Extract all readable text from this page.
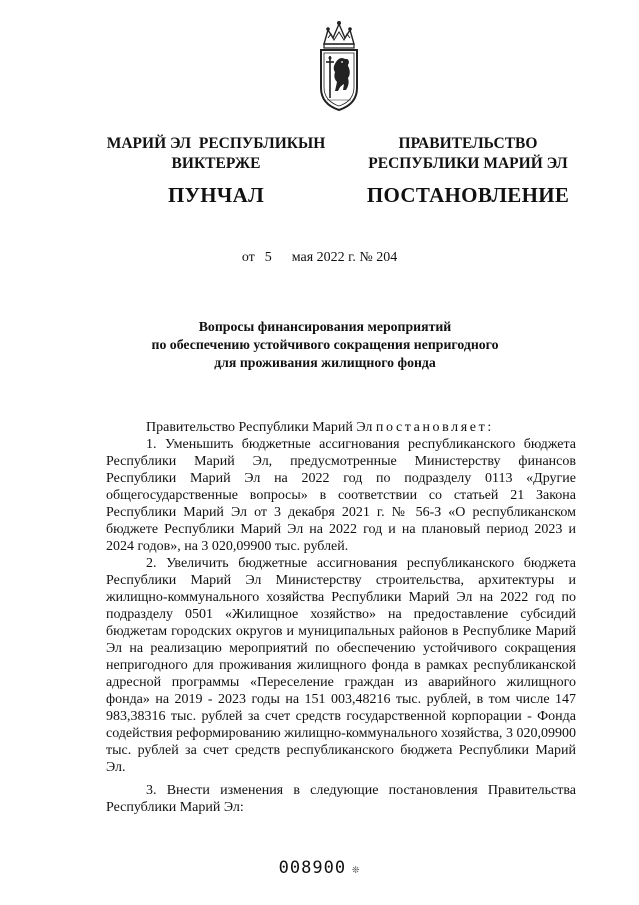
МАРИЙ ЭЛ  РЕСПУБЛИКЫН
ВИКТЕРЖЕ
ПУНЧАЛ
ПРАВИТЕЛЬСТВО
РЕСПУБЛИКИ МАРИЙ ЭЛ
ПОСТАНОВЛЕНИЕ
от 5 мая 2022 г. № 204
Вопросы финансирования мероприятий
по обеспечению устойчивого сокращения непригодного
для проживания жилищного фонда

Правительство Республики Марий Эл постановляет:

1. Уменьшить бюджетные ассигнования республиканского бюджета Республики Марий Эл, предусмотренные Министерству финансов Республики Марий Эл на 2022 год по подразделу 0113 «Другие общегосударственные вопросы» в соответствии со статьей 21 Закона Республики Марий Эл от 3 декабря 2021 г. № 56-З «О республиканском бюджете Республики Марий Эл на 2022 год и на плановый период 2023 и 2024 годов», на 3 020,09900 тыс. рублей.

2. Увеличить бюджетные ассигнования республиканского бюджета Республики Марий Эл Министерству строительства, архитектуры и жилищно-коммунального хозяйства Республики Марий Эл на 2022 год по подразделу 0501 «Жилищное хозяйство» на предоставление субсидий бюджетам городских округов и муниципальных районов в Республике Марий Эл на реализацию мероприятий по обеспечению устойчивого сокращения непригодного для проживания жилищного фонда в рамках республиканской адресной программы «Переселение граждан из аварийного жилищного фонда» на 2019 - 2023 годы на 151 003,48216 тыс. рублей, в том числе 147 983,38316 тыс. рублей за счет средств государственной корпорации - Фонда содействия реформированию жилищно-коммунального хозяйства, 3 020,09900 тыс. рублей за счет средств республиканского бюджета Республики Марий Эл.

3. Внести изменения в следующие постановления Правительства Республики Марий Эл:

008900 ❊
